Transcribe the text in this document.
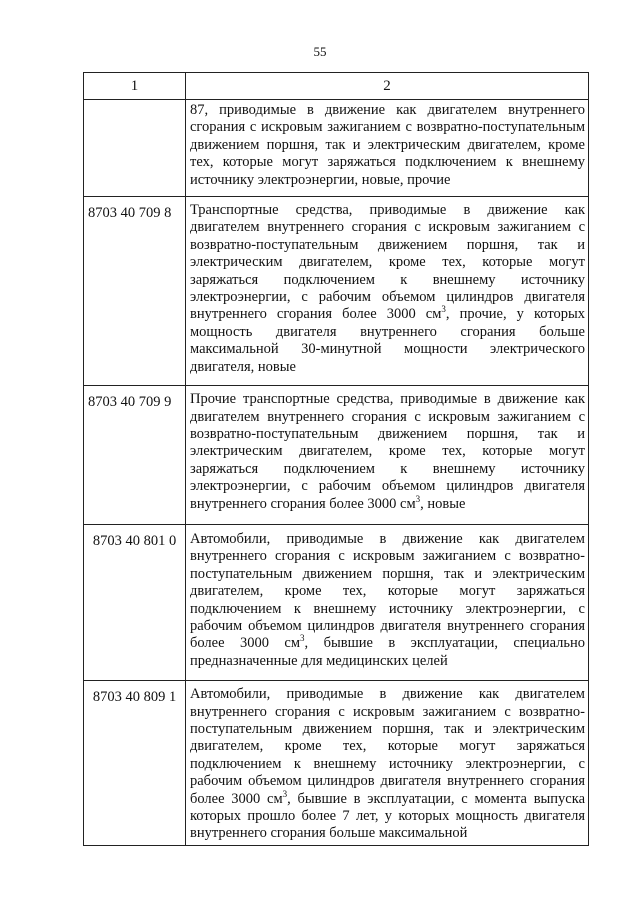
55
1	2

	87, приводимые в движение как двигателем внутреннего сгорания с искровым зажиганием с возвратно-поступательным движением поршня, так и электрическим двигателем, кроме тех, которые могут заряжаться подключением к внешнему источнику электроэнергии, новые, прочие

8703 40 709 8	Транспортные средства, приводимые в движение как двигателем внутреннего сгорания с искровым зажиганием с возвратно-поступательным движением поршня, так и электрическим двигателем, кроме тех, которые могут заряжаться подключением к внешнему источнику электроэнергии, с рабочим объемом цилиндров двигателя внутреннего сгорания более 3000 $см^3$, прочие, у которых мощность двигателя внутреннего сгорания больше максимальной 30-минутной мощности электрического двигателя, новые

8703 40 709 9	Прочие транспортные средства, приводимые в движение как двигателем внутреннего сгорания с искровым зажиганием с возвратно-поступательным движением поршня, так и электрическим двигателем, кроме тех, которые могут заряжаться подключением к внешнему источнику электроэнергии, с рабочим объемом цилиндров двигателя внутреннего сгорания более 3000 $см^3$, новые

8703 40 801 0	Автомобили, приводимые в движение как двигателем внутреннего сгорания с искровым зажиганием с возвратно-поступательным движением поршня, так и электрическим двигателем, кроме тех, которые могут заряжаться подключением к внешнему источнику электроэнергии, с рабочим объемом цилиндров двигателя внутреннего сгорания более 3000 $см^3$, бывшие в эксплуатации, специально предназначенные для медицинских целей

8703 40 809 1	Автомобили, приводимые в движение как двигателем внутреннего сгорания с искровым зажиганием с возвратно-поступательным движением поршня, так и электрическим двигателем, кроме тех, которые могут заряжаться подключением к внешнему источнику электроэнергии, с рабочим объемом цилиндров двигателя внутреннего сгорания более 3000 $см^3$, бывшие в эксплуатации, с момента выпуска которых прошло более 7 лет, у которых мощность двигателя внутреннего сгорания больше максимальной
